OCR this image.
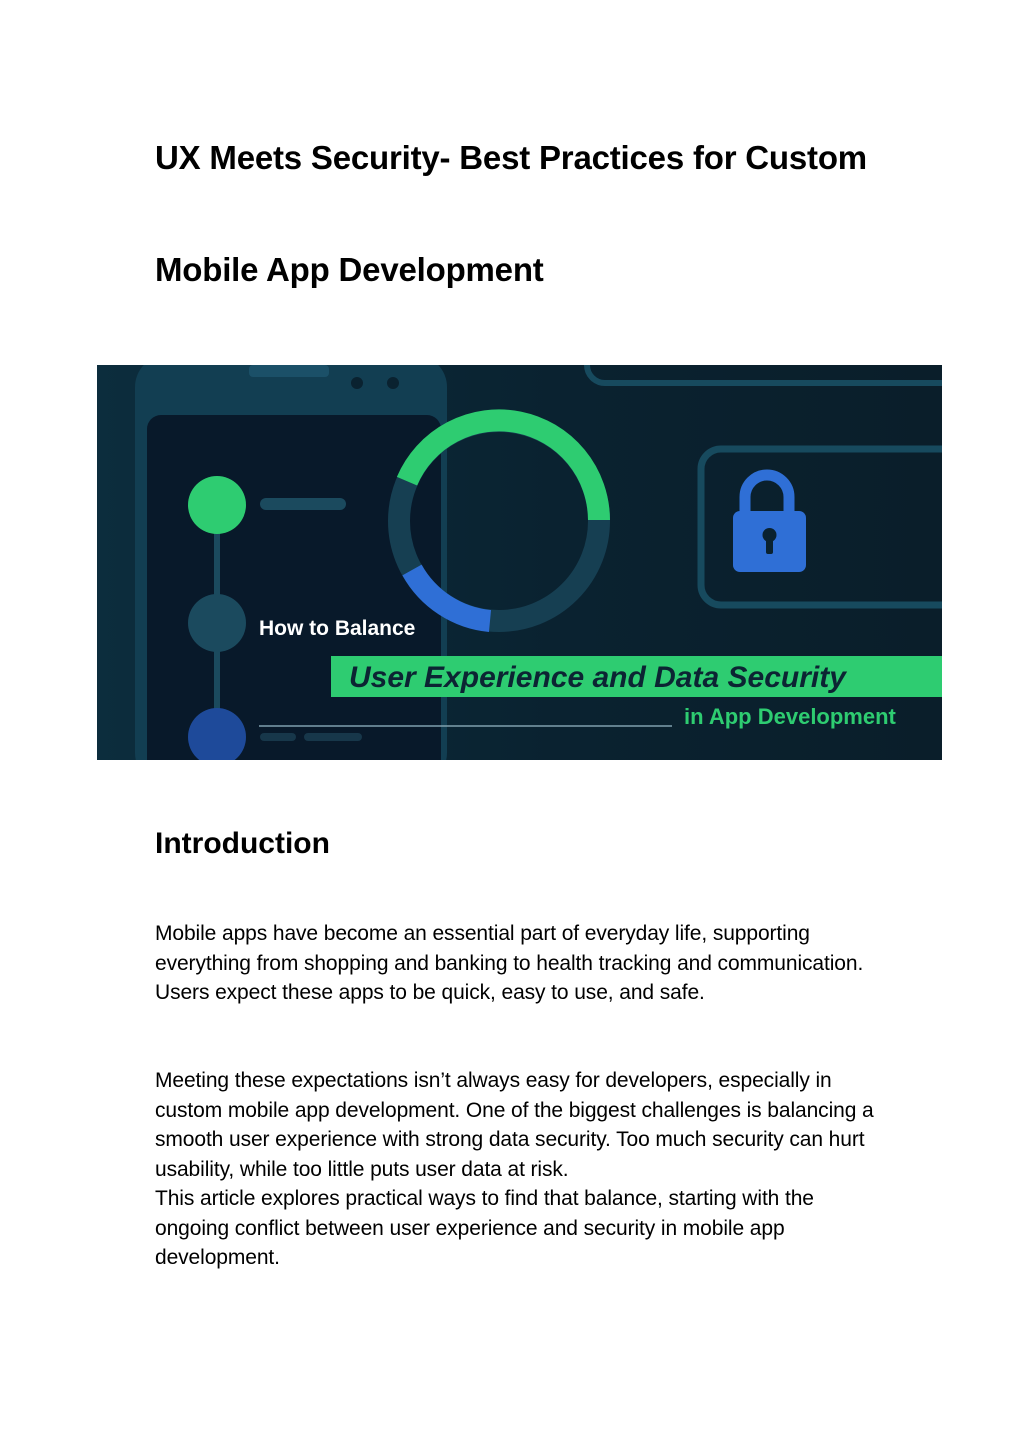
UX Meets Security- Best Practices for Custom
Mobile App Development
How to Balance
User Experience and Data Security
in App Development
Introduction

Mobile apps have become an essential part of everyday life, supporting everything from shopping and banking to health tracking and communication. Users expect these apps to be quick, easy to use, and safe.

Meeting these expectations isn’t always easy for developers, especially in custom mobile app development. One of the biggest challenges is balancing a smooth user experience with strong data security. Too much security can hurt usability, while too little puts user data at risk.

This article explores practical ways to find that balance, starting with the ongoing conflict between user experience and security in mobile app development.
